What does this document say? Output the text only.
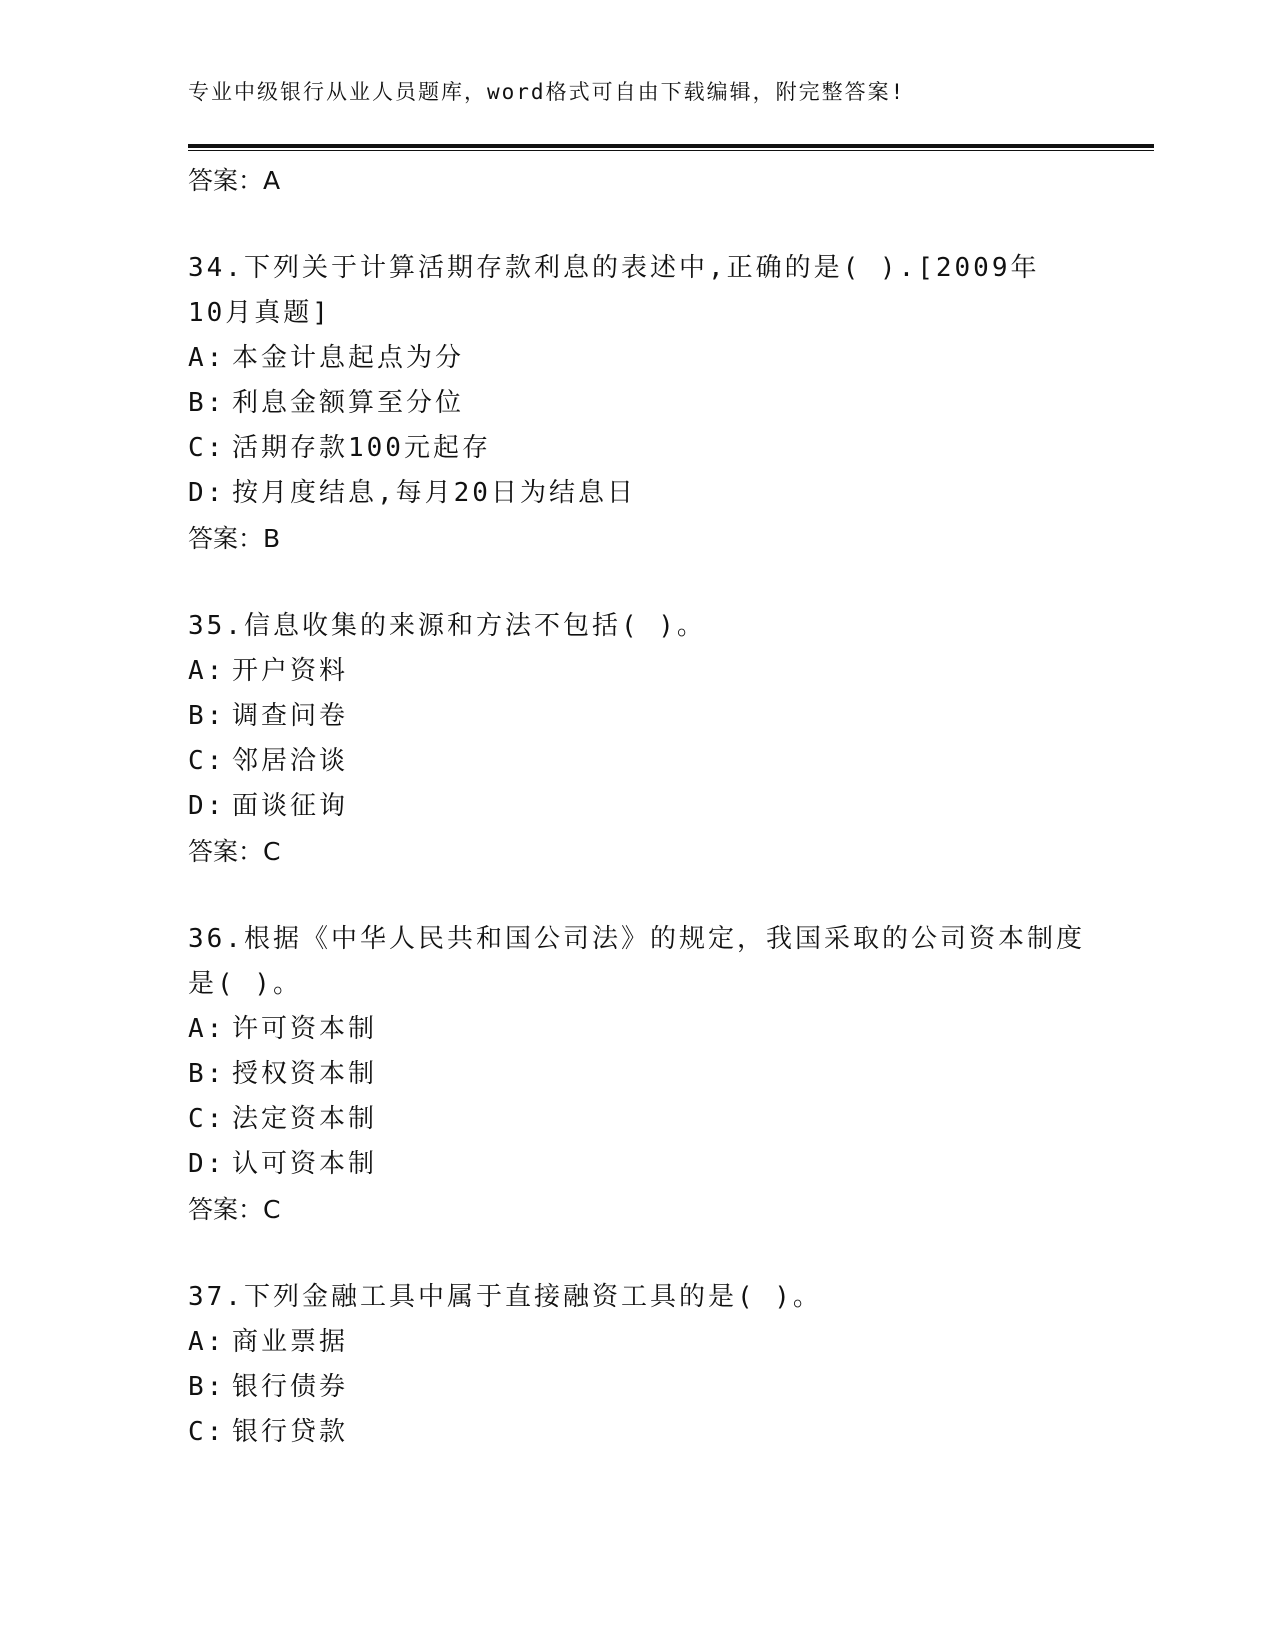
专业中级银行从业人员题库，word格式可自由下载编辑，附完整答案!
答案：A
34.下列关于计算活期存款利息的表述中,正确的是( ).[2009年
10月真题]
A: 本金计息起点为分
B: 利息金额算至分位
C: 活期存款100元起存
D: 按月度结息,每月20日为结息日
答案：B
35.信息收集的来源和方法不包括( )。
A: 开户资料
B: 调查问卷
C: 邻居洽谈
D: 面谈征询
答案：C
36.根据《中华人民共和国公司法》的规定，我国采取的公司资本制度
是( )。
A: 许可资本制
B: 授权资本制
C: 法定资本制
D: 认可资本制
答案：C
37.下列金融工具中属于直接融资工具的是( )。
A: 商业票据
B: 银行债券
C: 银行贷款
